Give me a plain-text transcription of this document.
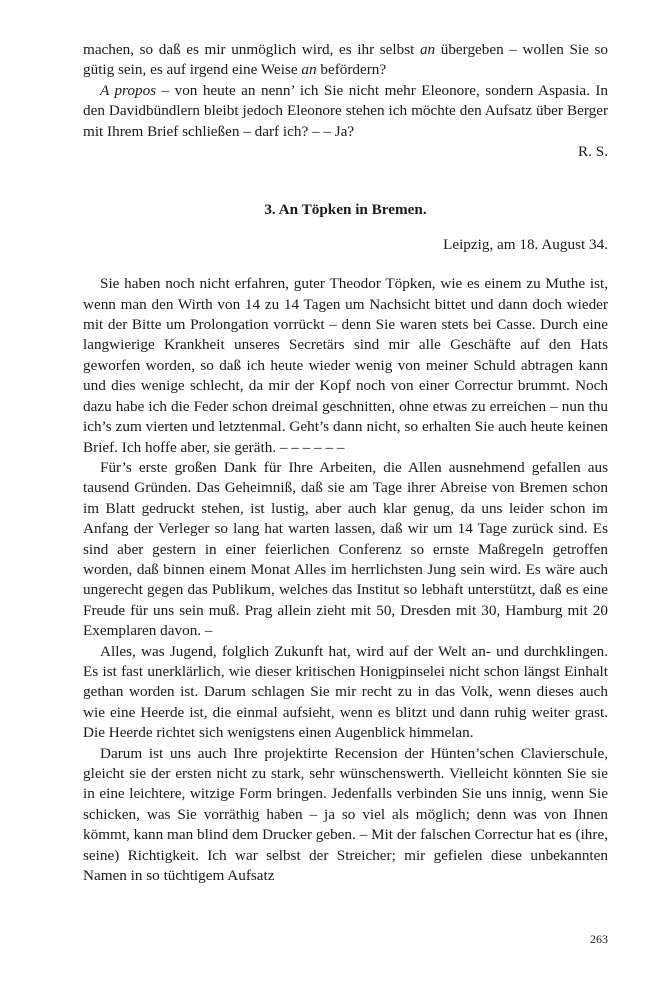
machen, so daß es mir unmöglich wird, es ihr selbst an übergeben – wollen Sie so gütig sein, es auf irgend eine Weise an befördern?

A propos – von heute an nenn’ ich Sie nicht mehr Eleonore, sondern Aspasia. In den Davidbündlern bleibt jedoch Eleonore stehen ich möchte den Aufsatz über Berger mit Ihrem Brief schließen – darf ich? – – Ja?

R. S.

3. An Töpken in Bremen.

Leipzig, am 18. August 34.

Sie haben noch nicht erfahren, guter Theodor Töpken, wie es einem zu Muthe ist, wenn man den Wirth von 14 zu 14 Tagen um Nachsicht bittet und dann doch wieder mit der Bitte um Prolongation vorrückt – denn Sie waren stets bei Casse. Durch eine langwierige Krankheit unseres Secretärs sind mir alle Geschäfte auf den Hats geworfen worden, so daß ich heute wieder wenig von meiner Schuld abtragen kann und dies wenige schlecht, da mir der Kopf noch von einer Correctur brummt. Noch dazu habe ich die Feder schon dreimal geschnitten, ohne etwas zu erreichen – nun thu ich’s zum vierten und letztenmal. Geht’s dann nicht, so erhalten Sie auch heute keinen Brief. Ich hoffe aber, sie geräth. – – – – – –

Für’s erste großen Dank für Ihre Arbeiten, die Allen ausnehmend gefallen aus tausend Gründen. Das Geheimniß, daß sie am Tage ihrer Abreise von Bremen schon im Blatt gedruckt stehen, ist lustig, aber auch klar genug, da uns leider schon im Anfang der Verleger so lang hat warten lassen, daß wir um 14 Tage zurück sind. Es sind aber gestern in einer feierlichen Conferenz so ernste Maßregeln getroffen worden, daß binnen einem Monat Alles im herrlichsten Jung sein wird. Es wäre auch ungerecht gegen das Publikum, welches das Institut so lebhaft unterstützt, daß es eine Freude für uns sein muß. Prag allein zieht mit 50, Dresden mit 30, Hamburg mit 20 Exemplaren davon. –

Alles, was Jugend, folglich Zukunft hat, wird auf der Welt an- und durchklingen. Es ist fast unerklärlich, wie dieser kritischen Honigpinselei nicht schon längst Einhalt gethan worden ist. Darum schlagen Sie mir recht zu in das Volk, wenn dieses auch wie eine Heerde ist, die einmal aufsieht, wenn es blitzt und dann ruhig weiter grast. Die Heerde richtet sich wenigstens einen Augenblick himmelan.

Darum ist uns auch Ihre projektirte Recension der Hünten’schen Clavierschule, gleicht sie der ersten nicht zu stark, sehr wünschenswerth. Vielleicht könnten Sie sie in eine leichtere, witzige Form bringen. Jedenfalls verbinden Sie uns innig, wenn Sie schicken, was Sie vorräthig haben – ja so viel als möglich; denn was von Ihnen kömmt, kann man blind dem Drucker geben. – Mit der falschen Correctur hat es (ihre, seine) Richtigkeit. Ich war selbst der Streicher; mir gefielen diese unbekannten Namen in so tüchtigem Aufsatz

263
